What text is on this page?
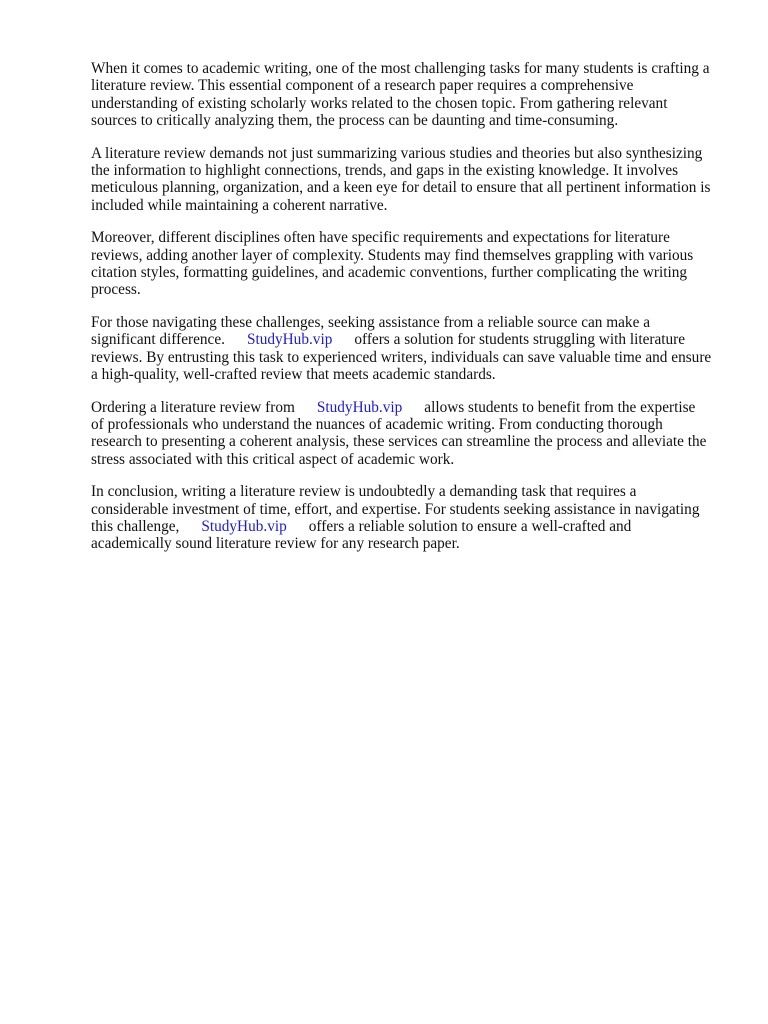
When it comes to academic writing, one of the most challenging tasks for many students is crafting a
literature review. This essential component of a research paper requires a comprehensive
understanding of existing scholarly works related to the chosen topic. From gathering relevant
sources to critically analyzing them, the process can be daunting and time-consuming.

A literature review demands not just summarizing various studies and theories but also synthesizing
the information to highlight connections, trends, and gaps in the existing knowledge. It involves
meticulous planning, organization, and a keen eye for detail to ensure that all pertinent information is
included while maintaining a coherent narrative.

Moreover, different disciplines often have specific requirements and expectations for literature
reviews, adding another layer of complexity. Students may find themselves grappling with various
citation styles, formatting guidelines, and academic conventions, further complicating the writing
process.

For those navigating these challenges, seeking assistance from a reliable source can make a
significant difference. StudyHub.vip offers a solution for students struggling with literature
reviews. By entrusting this task to experienced writers, individuals can save valuable time and ensure
a high-quality, well-crafted review that meets academic standards.

Ordering a literature review from StudyHub.vip allows students to benefit from the expertise
of professionals who understand the nuances of academic writing. From conducting thorough
research to presenting a coherent analysis, these services can streamline the process and alleviate the
stress associated with this critical aspect of academic work.

In conclusion, writing a literature review is undoubtedly a demanding task that requires a
considerable investment of time, effort, and expertise. For students seeking assistance in navigating
this challenge, StudyHub.vip offers a reliable solution to ensure a well-crafted and
academically sound literature review for any research paper.
